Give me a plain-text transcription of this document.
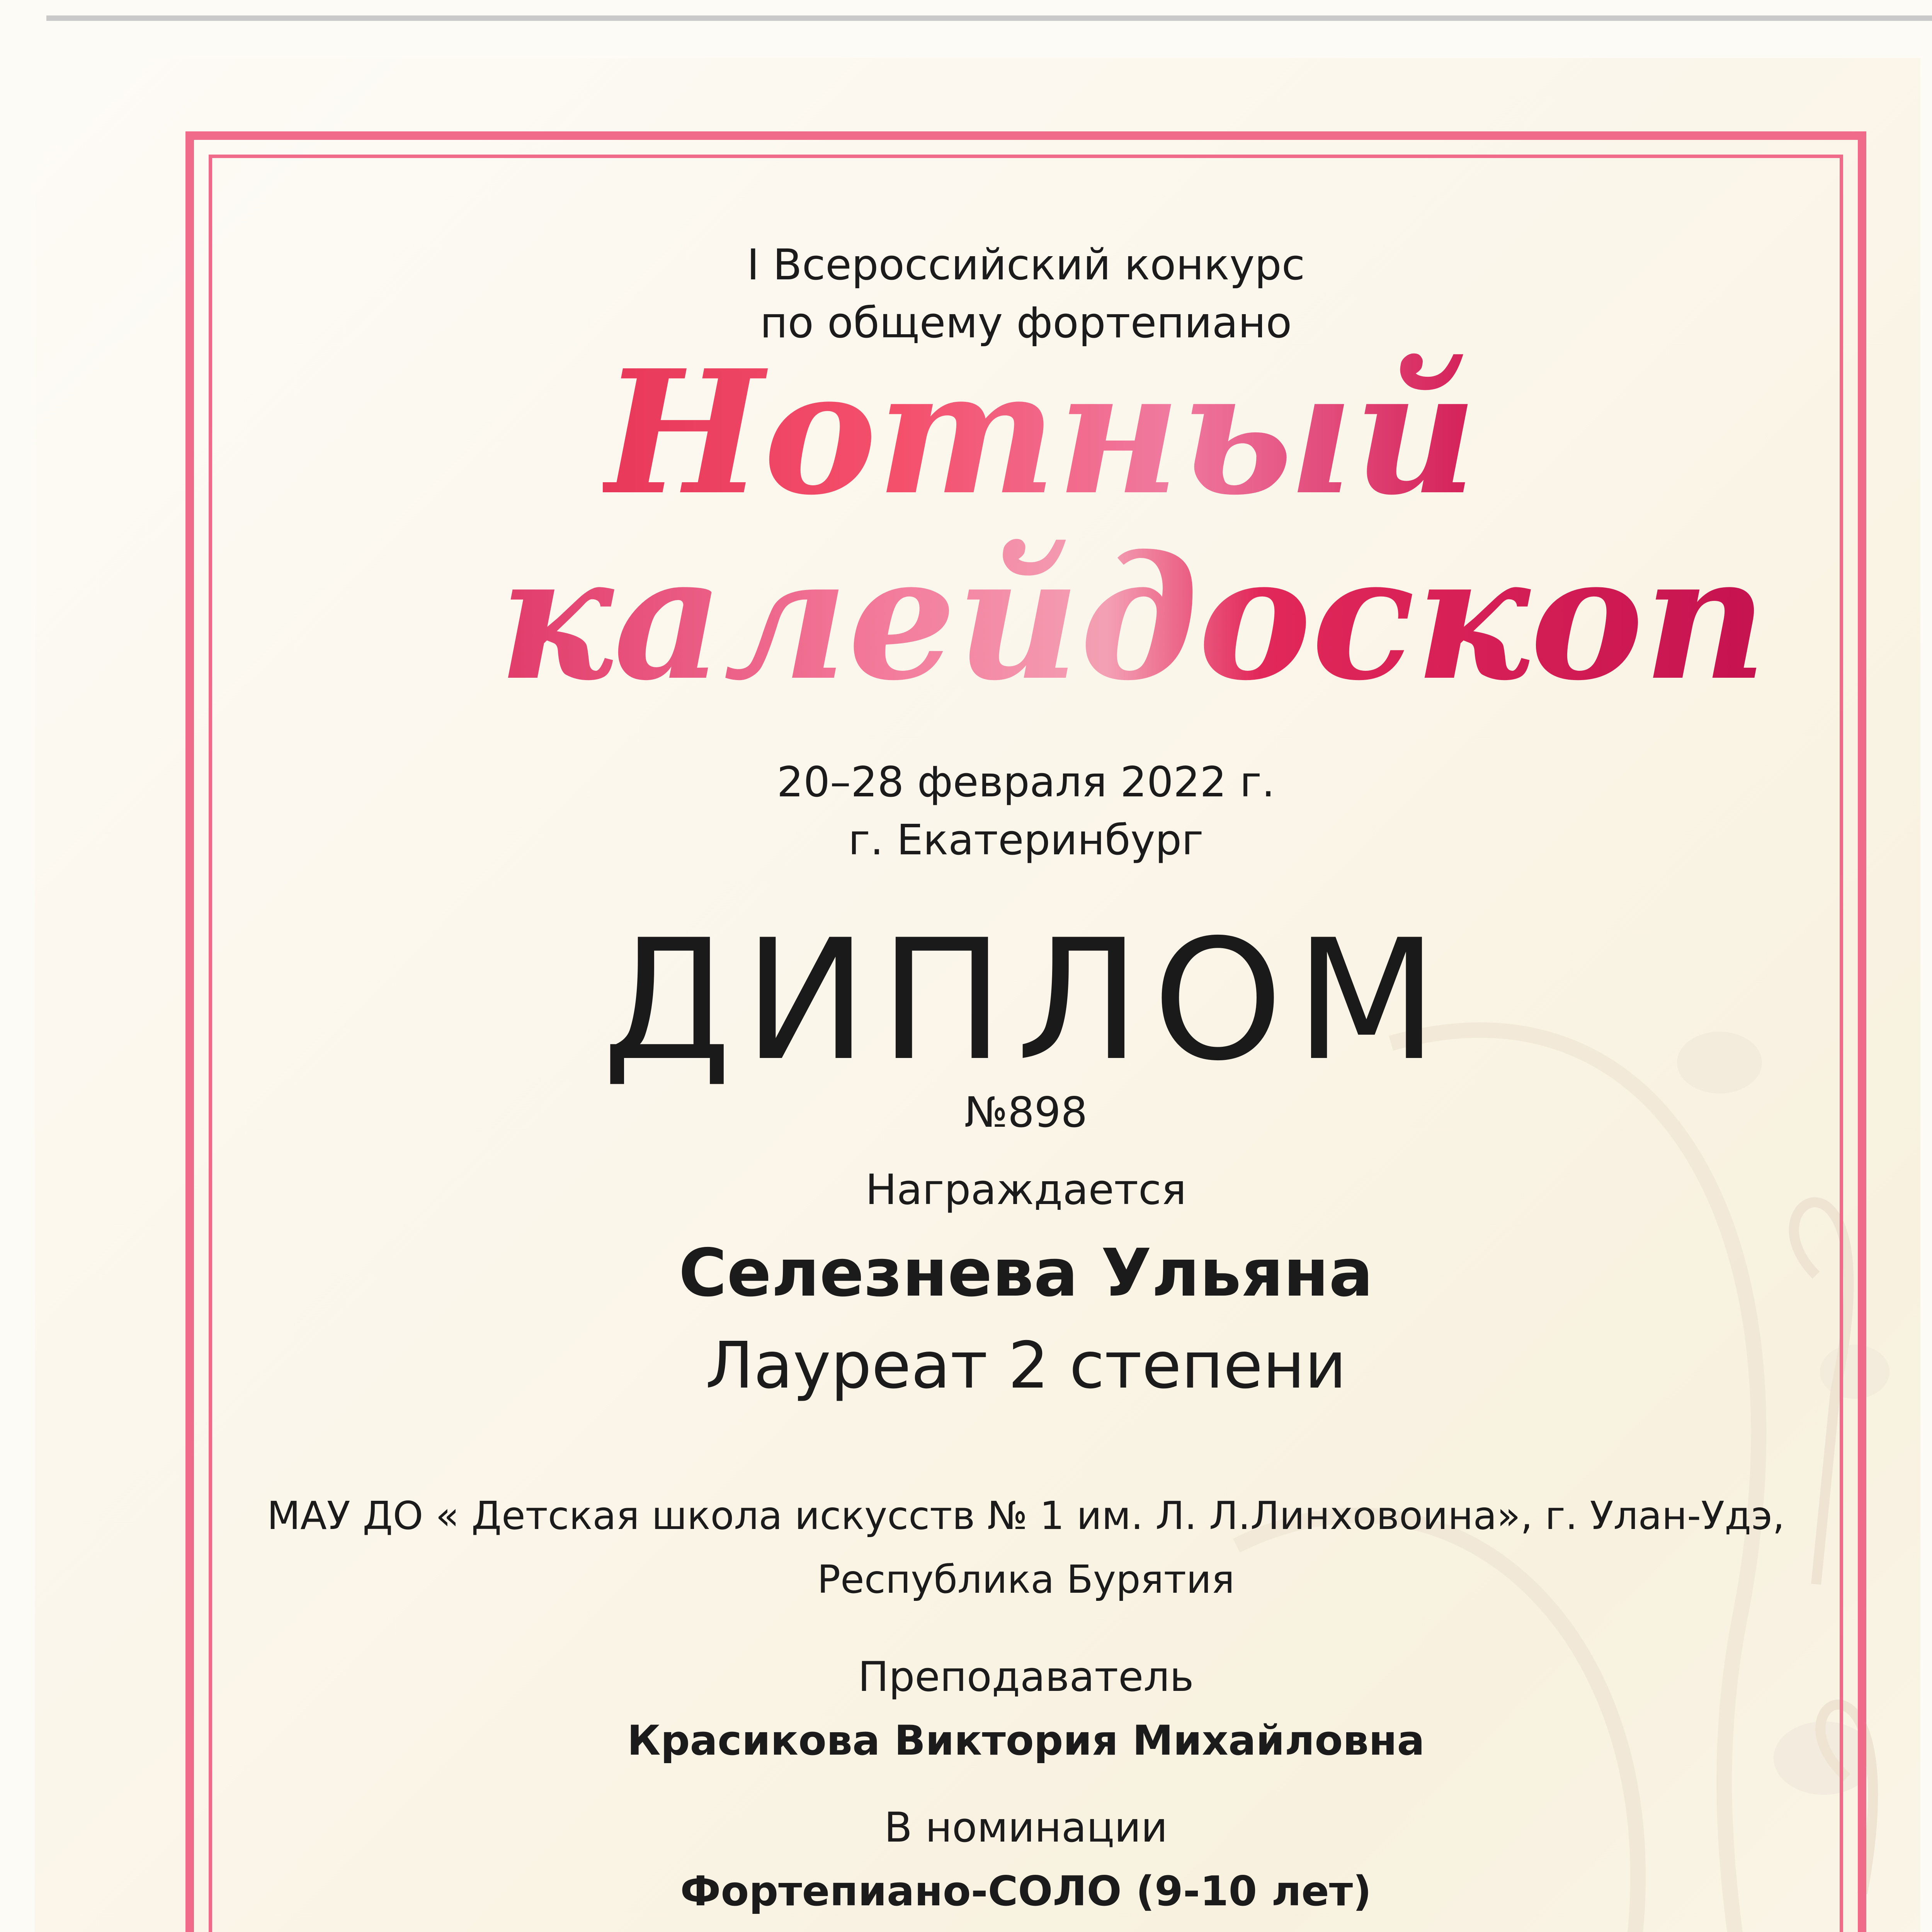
I Всероссийский конкурс

по общему фортепиано

Нотный
калейдоскоп

20–28 февраля 2022 г.

г. Екатеринбург

ДИПЛОМ

№898

Награждается

Селезнева Ульяна

Лауреат 2 степени

МАУ ДО « Детская школа искусств № 1 им. Л. Л.Линховоина», г. Улан-Удэ,

Республика Бурятия

Преподаватель

Красикова Виктория Михайловна

В номинации

Фортепиано-СОЛО (9-10 лет)
